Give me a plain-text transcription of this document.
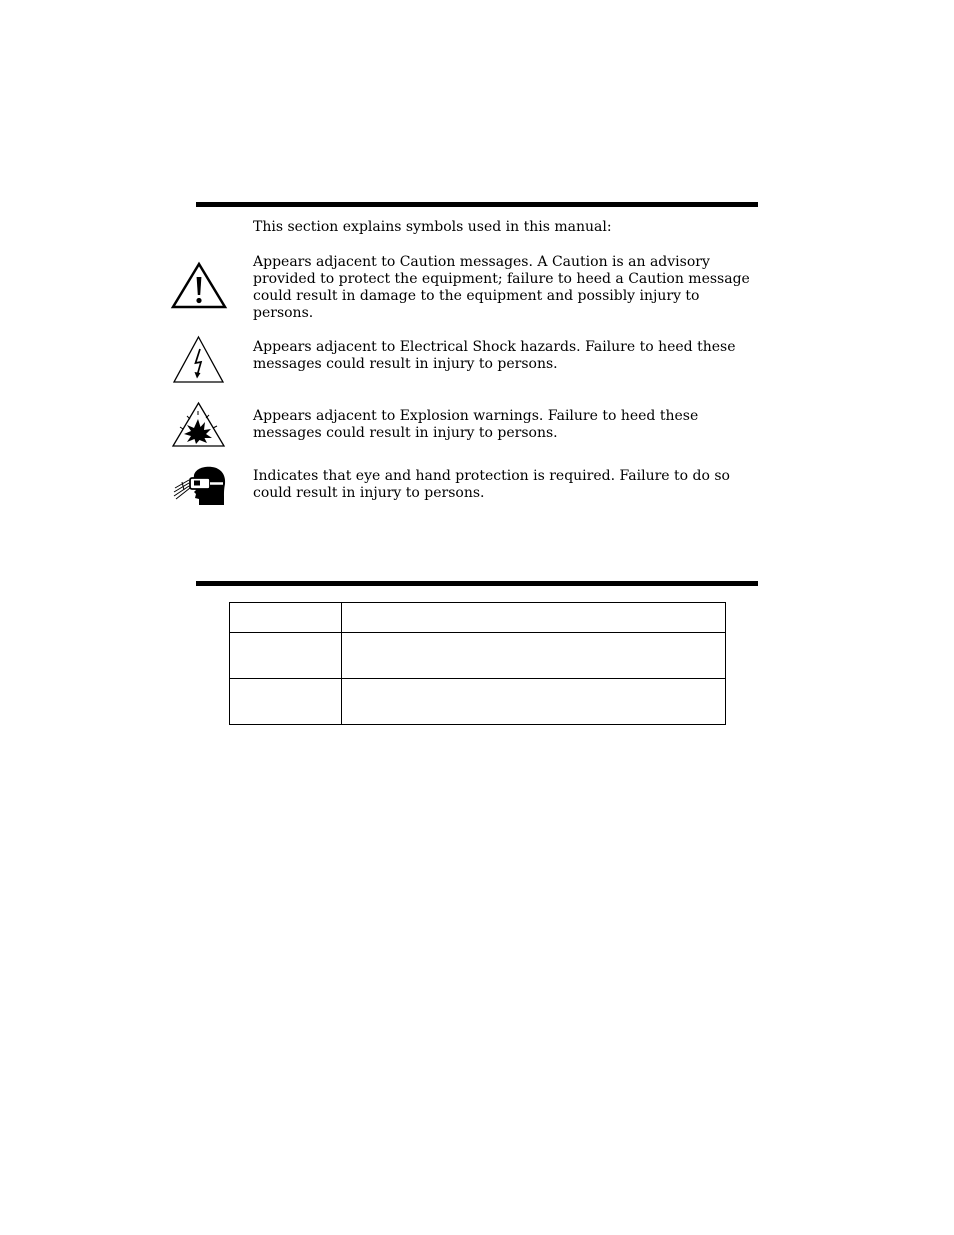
This section explains symbols used in this manual:

Appears adjacent to Caution messages. A Caution is an advisory provided to protect the equipment; failure to heed a Caution message could result in damage to the equipment and possibly injury to persons.

Appears adjacent to Electrical Shock hazards. Failure to heed these messages could result in injury to persons.

Appears adjacent to Explosion warnings. Failure to heed these messages could result in injury to persons.

Indicates that eye and hand protection is required. Failure to do so could result in injury to persons.
